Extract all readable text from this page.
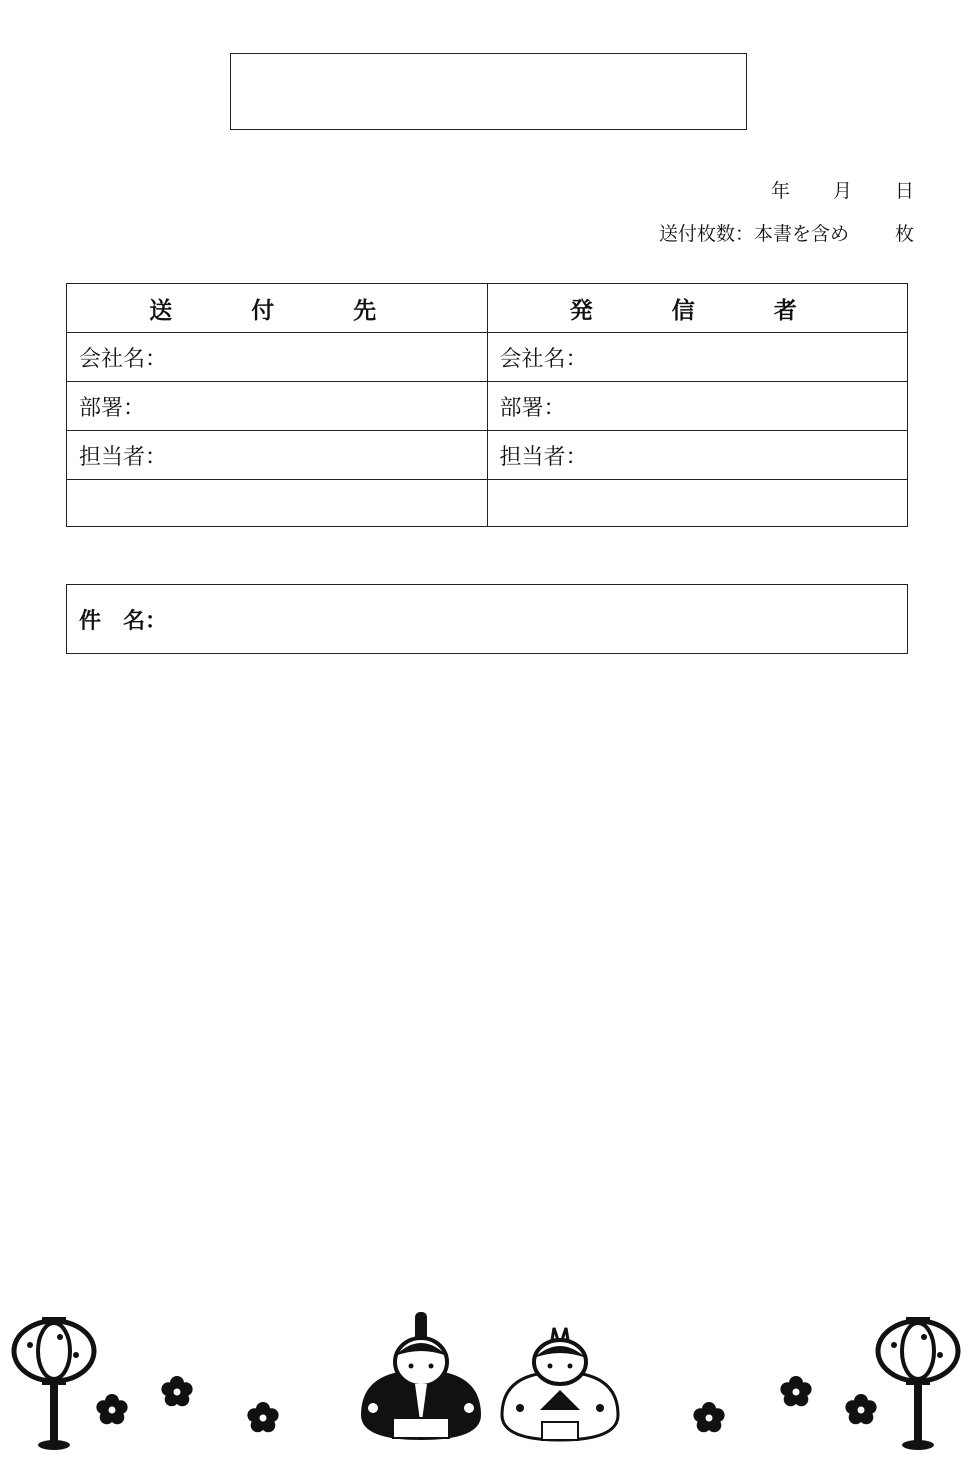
年	月	日
送付枚数：本書を含め 枚
送　付　先	発　信　者
会社名：	会社名：
部署：	部署：
担当者：	担当者：

件　名：
